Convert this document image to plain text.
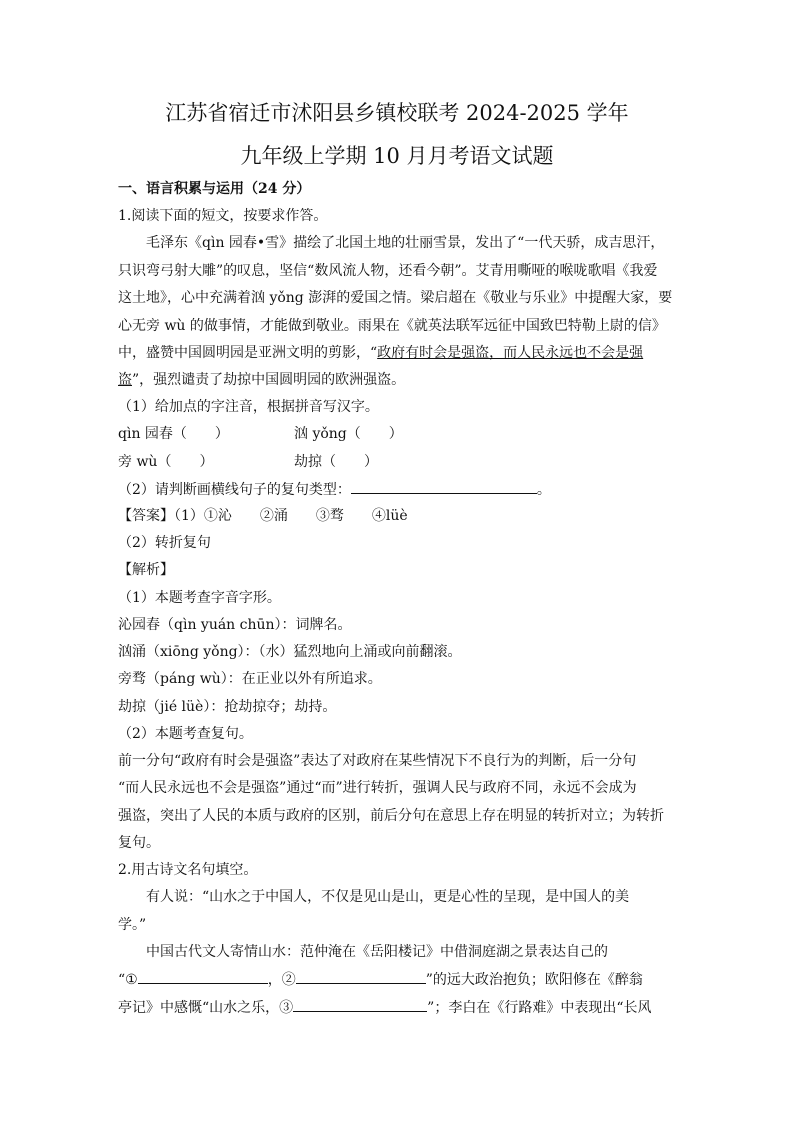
江苏省宿迁市沭阳县乡镇校联考 2024-2025 学年
九年级上学期 10 月月考语文试题
一、语言积累与运用（24 分）
1.阅读下面的短文，按要求作答。
毛泽东《qìn 园春•雪》描绘了北国土地的壮丽雪景，发出了“一代天骄，成吉思汗，
只识弯弓射大雕”的叹息，坚信“数风流人物，还看今朝”。艾青用嘶哑的喉咙歌唱《我爱
这土地》，心中充满着汹 yǒng 澎湃的爱国之情。梁启超在《敬业与乐业》中提醒大家，要
心无旁 wù 的做事情，才能做到敬业。雨果在《就英法联军远征中国致巴特勒上尉的信》
中，盛赞中国圆明园是亚洲文明的剪影，“政府有时会是强盗，而人民永远也不会是强
盗”，强烈谴责了劫掠中国圆明园的欧洲强盗。
（1）给加点的字注音，根据拼音写汉字。
qìn 园春（　　）	汹 yǒng（　　）
旁 wù（　　）	劫掠（　　）
（2）请判断画横线句子的复句类型：	。
【答案】（1）①沁　　②涌　　③骛　　④lüè
（2）转折复句
【解析】
（1）本题考查字音字形。
沁园春（qìn yuán chūn）：词牌名。
汹涌（xiōng yǒng）：（水）猛烈地向上涌或向前翻滚。
旁骛（páng wù）：在正业以外有所追求。
劫掠（jié lüè）：抢劫掠夺；劫持。
（2）本题考查复句。
前一分句“政府有时会是强盗”表达了对政府在某些情况下不良行为的判断，后一分句
“而人民永远也不会是强盗”通过“而”进行转折，强调人民与政府不同，永远不会成为
强盗，突出了人民的本质与政府的区别，前后分句在意思上存在明显的转折对立；为转折
复句。
2.用古诗文名句填空。
有人说：“山水之于中国人，不仅是见山是山，更是心性的呈现，是中国人的美
学。”
中国古代文人寄情山水：范仲淹在《岳阳楼记》中借洞庭湖之景表达自己的
“①	，②	”的远大政治抱负；欧阳修在《醉翁
亭记》中感慨“山水之乐，③	”；李白在《行路难》中表现出“长风
